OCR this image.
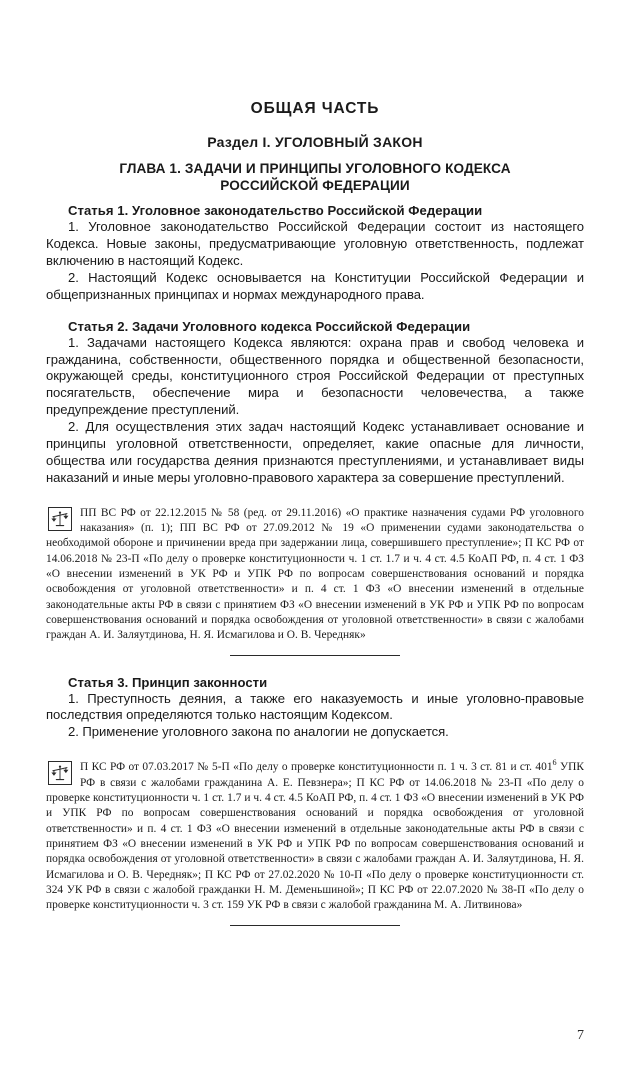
ОБЩАЯ ЧАСТЬ
Раздел I. УГОЛОВНЫЙ ЗАКОН
ГЛАВА 1. ЗАДАЧИ И ПРИНЦИПЫ УГОЛОВНОГО КОДЕКСА
РОССИЙСКОЙ ФЕДЕРАЦИИ
Статья 1. Уголовное законодательство Российской Федерации

1. Уголовное законодательство Российской Федерации состоит из настоящего Кодекса. Новые законы, предусматривающие уголовную ответственность, подлежат включению в настоящий Кодекс.

2. Настоящий Кодекс основывается на Конституции Российской Федерации и общепризнанных принципах и нормах международного права.

Статья 2. Задачи Уголовного кодекса Российской Федерации

1. Задачами настоящего Кодекса являются: охрана прав и свобод человека и гражданина, собственности, общественного порядка и общественной безопасности, окружающей среды, конституционного строя Российской Федерации от преступных посягательств, обеспечение мира и безопасности человечества, а также предупреждение преступлений.

2. Для осуществления этих задач настоящий Кодекс устанавливает основание и принципы уголовной ответственности, определяет, какие опасные для личности, общества или государства деяния признаются преступлениями, и устанавливает виды наказаний и иные меры уголовно-правового характера за совершение преступлений.

ПП ВС РФ от 22.12.2015 № 58 (ред. от 29.11.2016) «О практике назначения судами РФ уголовного наказания» (п. 1); ПП ВС РФ от 27.09.2012 № 19 «О применении судами законодательства о необходимой обороне и причинении вреда при задержании лица, совершившего преступление»; П КС РФ от 14.06.2018 № 23-П «По делу о проверке конституционности ч. 1 ст. 1.7 и ч. 4 ст. 4.5 КоАП РФ, п. 4 ст. 1 ФЗ «О внесении изменений в УК РФ и УПК РФ по вопросам совершенствования оснований и порядка освобождения от уголовной ответственности» и п. 4 ст. 1 ФЗ «О внесении изменений в отдельные законодательные акты РФ в связи с принятием ФЗ «О внесении изменений в УК РФ и УПК РФ по вопросам совершенствования оснований и порядка освобождения от уголовной ответственности» в связи с жалобами граждан А. И. Заляутдинова, Н. Я. Исмагилова и О. В. Чередняк»
Статья 3. Принцип законности

1. Преступность деяния, а также его наказуемость и иные уголовно-правовые последствия определяются только настоящим Кодексом.

2. Применение уголовного закона по аналогии не допускается.

П КС РФ от 07.03.2017 № 5-П «По делу о проверке конституционности п. 1 ч. 3 ст. 81 и ст. $401^6$ УПК РФ в связи с жалобами гражданина А. Е. Певзнера»; П КС РФ от 14.06.2018 № 23-П «По делу о проверке конституционности ч. 1 ст. 1.7 и ч. 4 ст. 4.5 КоАП РФ, п. 4 ст. 1 ФЗ «О внесении изменений в УК РФ и УПК РФ по вопросам совершенствования оснований и порядка освобождения от уголовной ответственности» и п. 4 ст. 1 ФЗ «О внесении изменений в отдельные законодательные акты РФ в связи с принятием ФЗ «О внесении изменений в УК РФ и УПК РФ по вопросам совершенствования оснований и порядка освобождения от уголовной ответственности» в связи с жалобами граждан А. И. Заляутдинова, Н. Я. Исмагилова и О. В. Чередняк»; П КС РФ от 27.02.2020 № 10-П «По делу о проверке конституционности ст. 324 УК РФ в связи с жалобой гражданки Н. М. Деменьшиной»; П КС РФ от 22.07.2020 № 38-П «По делу о проверке конституционности ч. 3 ст. 159 УК РФ в связи с жалобой гражданина М. А. Литвинова»
7
